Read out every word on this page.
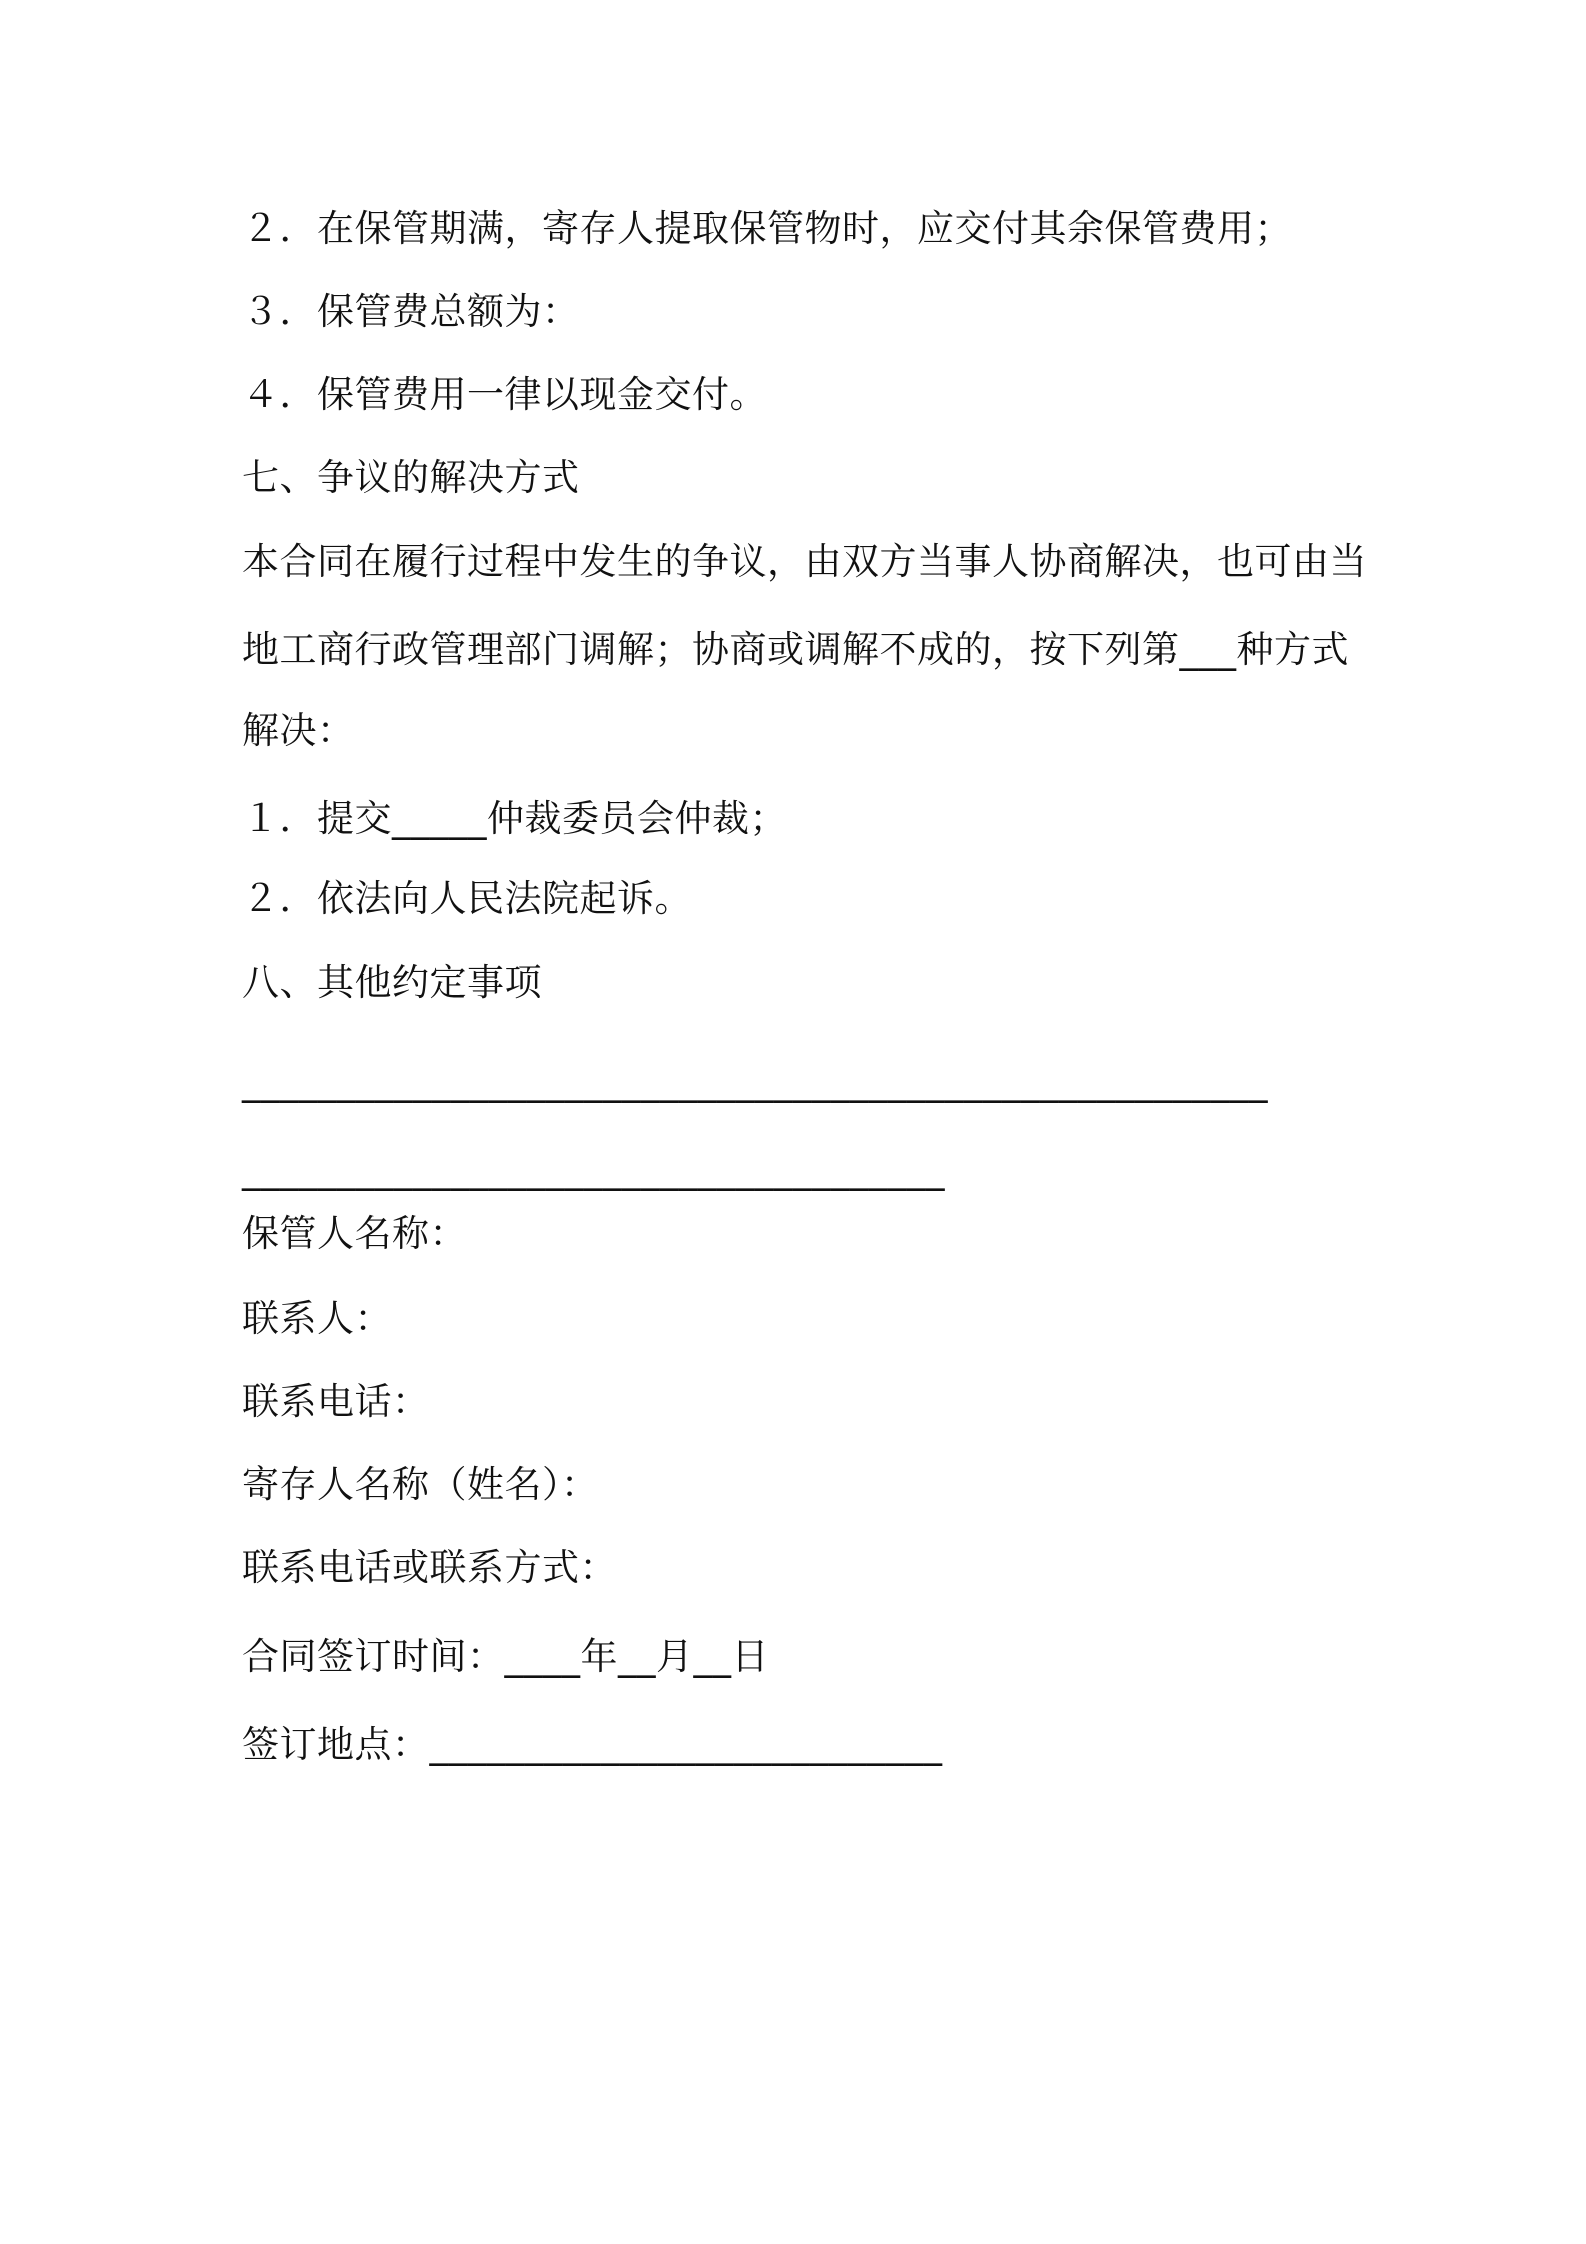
２．在保管期满，寄存人提取保管物时，应交付其余保管费用；
３．保管费总额为：
４．保管费用一律以现金交付。
七、争议的解决方式
本合同在履行过程中发生的争议，由双方当事人协商解决，也可由当
地工商行政管理部门调解；协商或调解不成的，按下列第___种方式
解决：
１．提交_____仲裁委员会仲裁；
２．依法向人民法院起诉。
八、其他约定事项
______________________________________________________
_____________________________________
保管人名称：
联系人：
联系电话：
寄存人名称（姓名）：
联系电话或联系方式：
合同签订时间：____年__月__日
签订地点：___________________________
